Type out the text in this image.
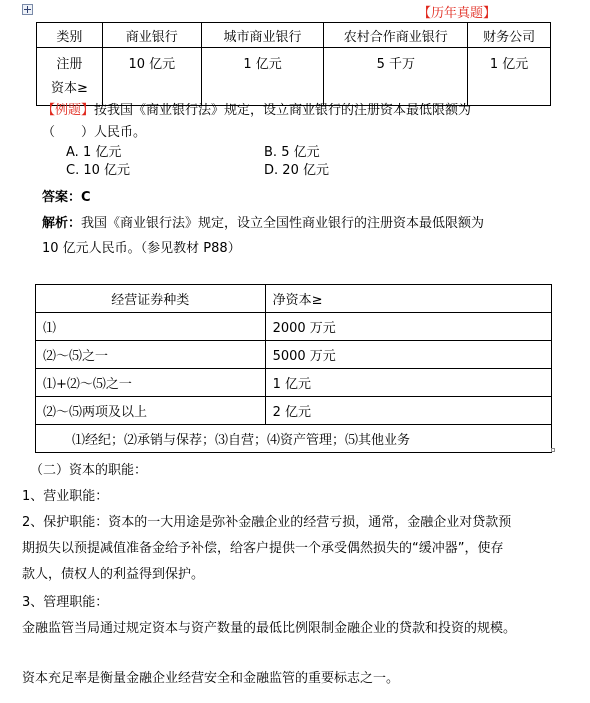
【历年真题】
类别	商业银行	城市商业银行	农村合作商业银行	财务公司

注册
资本≥	10 亿元	1 亿元	5 千万	1 亿元
【例题】按我国《商业银行法》规定，设立商业银行的注册资本最低限额为
（　　）人民币。
A. 1 亿元	B. 5 亿元
C. 10 亿元	D. 20 亿元
答案：C
解析：我国《商业银行法》规定，设立全国性商业银行的注册资本最低限额为
10 亿元人民币。（参见教材 P88）
经营证券种类	净资本≥
⑴	2000 万元
⑵～⑸之一	5000 万元
⑴+⑵～⑸之一	1 亿元
⑵～⑸两项及以上	2 亿元
⑴经纪；⑵承销与保荐；⑶自营；⑷资产管理；⑸其他业务	
（二）资本的职能：
1、营业职能：
2、保护职能：资本的一大用途是弥补金融企业的经营亏损，通常，金融企业对贷款预
期损失以预提减值准备金给予补偿，给客户提供一个承受偶然损失的“缓冲器”，使存
款人，债权人的利益得到保护。
3、管理职能：
金融监管当局通过规定资本与资产数量的最低比例限制金融企业的贷款和投资的规模。
资本充足率是衡量金融企业经营安全和金融监管的重要标志之一。
